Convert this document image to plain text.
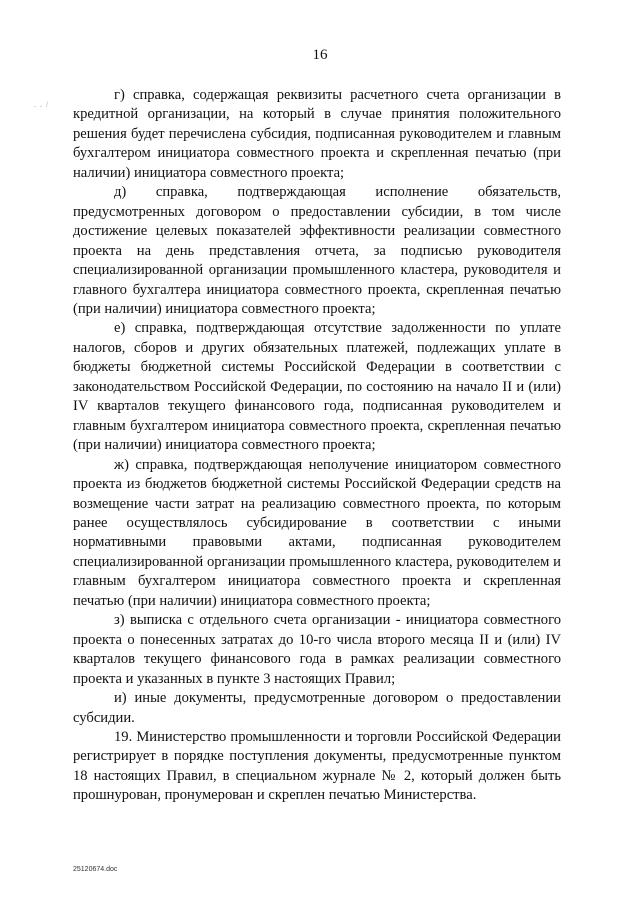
16
. . /

г) справка, содержащая реквизиты расчетного счета организации в кредитной организации, на который в случае принятия положительного решения будет перечислена субсидия, подписанная руководителем и главным бухгалтером инициатора совместного проекта и скрепленная печатью (при наличии) инициатора совместного проекта;

д) справка, подтверждающая исполнение обязательств, предусмотренных договором о предоставлении субсидии, в том числе достижение целевых показателей эффективности реализации совместного проекта на день представления отчета, за подписью руководителя специализированной организации промышленного кластера, руководителя и главного бухгалтера инициатора совместного проекта, скрепленная печатью (при наличии) инициатора совместного проекта;

е) справка, подтверждающая отсутствие задолженности по уплате налогов, сборов и других обязательных платежей, подлежащих уплате в бюджеты бюджетной системы Российской Федерации в соответствии с законодательством Российской Федерации, по состоянию на начало II и (или) IV кварталов текущего финансового года, подписанная руководителем и главным бухгалтером инициатора совместного проекта, скрепленная печатью (при наличии) инициатора совместного проекта;

ж) справка, подтверждающая неполучение инициатором совместного проекта из бюджетов бюджетной системы Российской Федерации средств на возмещение части затрат на реализацию совместного проекта, по которым ранее осуществлялось субсидирование в соответствии с иными нормативными правовыми актами, подписанная руководителем специализированной организации промышленного кластера, руководителем и главным бухгалтером инициатора совместного проекта и скрепленная печатью (при наличии) инициатора совместного проекта;

з) выписка с отдельного счета организации - инициатора совместного проекта о понесенных затратах до 10-го числа второго месяца II и (или) IV кварталов текущего финансового года в рамках реализации совместного проекта и указанных в пункте 3 настоящих Правил;

и) иные документы, предусмотренные договором о предоставлении субсидии.

19. Министерство промышленности и торговли Российской Федерации регистрирует в порядке поступления документы, предусмотренные пунктом 18 настоящих Правил, в специальном журнале № 2, который должен быть прошнурован, пронумерован и скреплен печатью Министерства.

25120674.doc
